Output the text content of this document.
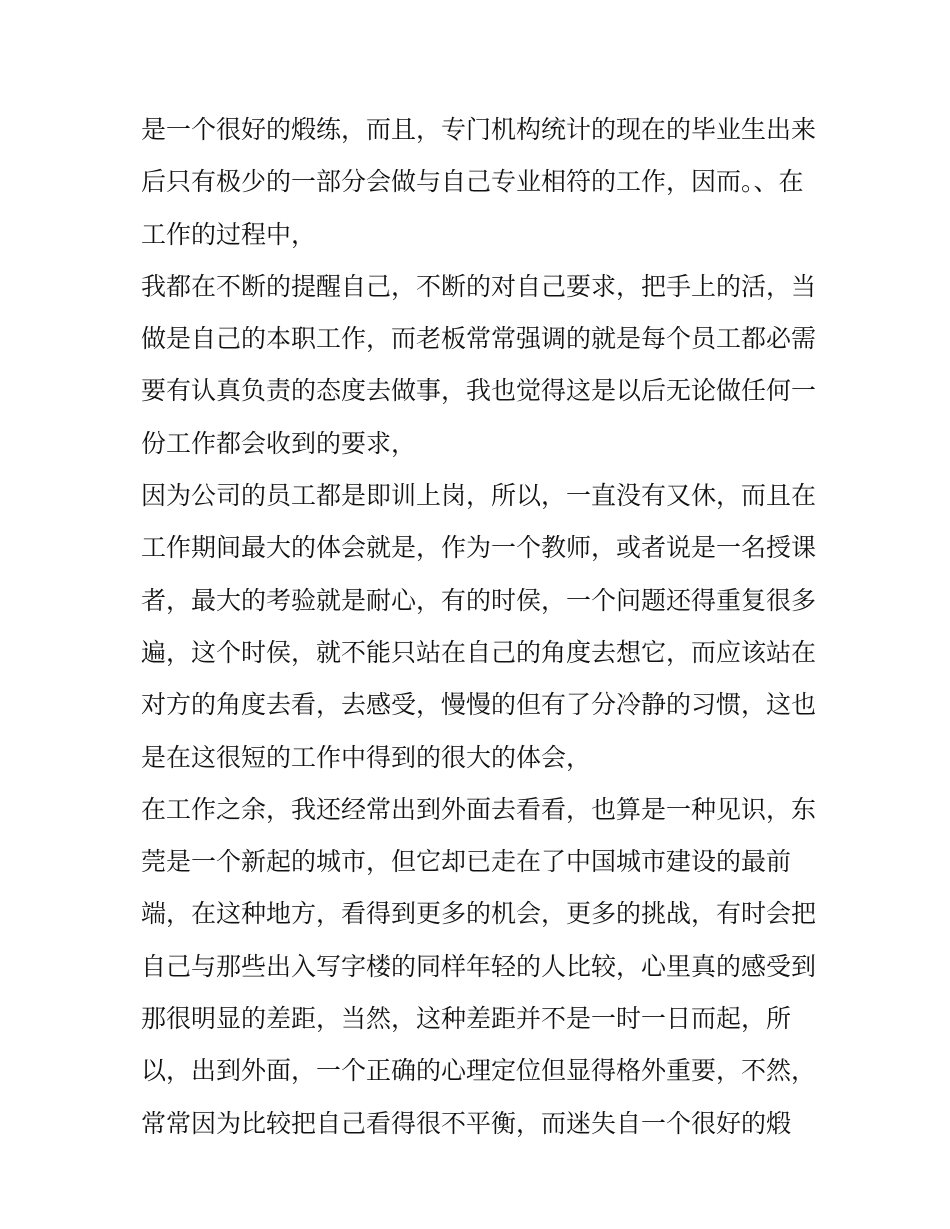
是一个很好的煅练，而且，专门机构统计的现在的毕业生出来
后只有极少的一部分会做与自己专业相符的工作，因而。、在
工作的过程中，
我都在不断的提醒自己，不断的对自己要求，把手上的活，当
做是自己的本职工作，而老板常常强调的就是每个员工都必需
要有认真负责的态度去做事，我也觉得这是以后无论做任何一
份工作都会收到的要求，
因为公司的员工都是即训上岗，所以，一直没有又休，而且在
工作期间最大的体会就是，作为一个教师，或者说是一名授课
者，最大的考验就是耐心，有的时侯，一个问题还得重复很多
遍，这个时侯，就不能只站在自己的角度去想它，而应该站在
对方的角度去看，去感受，慢慢的但有了分冷静的习惯，这也
是在这很短的工作中得到的很大的体会，
在工作之余，我还经常出到外面去看看，也算是一种见识，东
莞是一个新起的城市，但它却已走在了中国城市建设的最前
端，在这种地方，看得到更多的机会，更多的挑战，有时会把
自己与那些出入写字楼的同样年轻的人比较，心里真的感受到
那很明显的差距，当然，这种差距并不是一时一日而起，所
以，出到外面，一个正确的心理定位但显得格外重要，不然，
常常因为比较把自己看得很不平衡，而迷失自一个很好的煅
